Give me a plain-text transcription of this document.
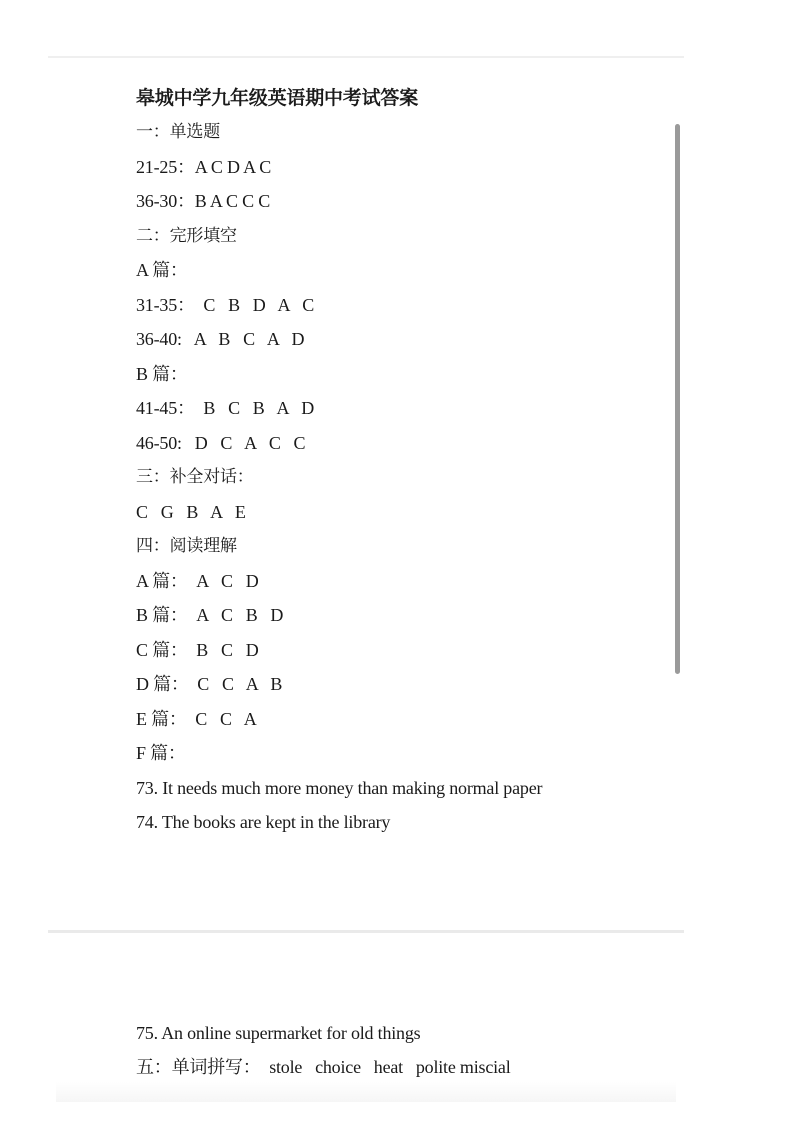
皋城中学九年级英语期中考试答案
一：单选题
21-25：A C D A C
36-30：B A C C C
二：完形填空
A 篇：
31-35：  C   B   D   A   C
36-40:   A   B   C   A   D
B 篇：
41-45：  B   C   B   A   D
46-50:   D   C   A   C   C
三：补全对话：
C   G   B   A   E
四：阅读理解
A 篇：  A   C   D
B 篇：  A   C   B   D
C 篇：  B   C   D
D 篇：  C   C   A   B
E 篇：  C   C   A
F 篇：
73. It needs much more money than making normal paper
74. The books are kept in the library
75. An online supermarket for old things
五：单词拼写：  stole   choice   heat   polite miscial
